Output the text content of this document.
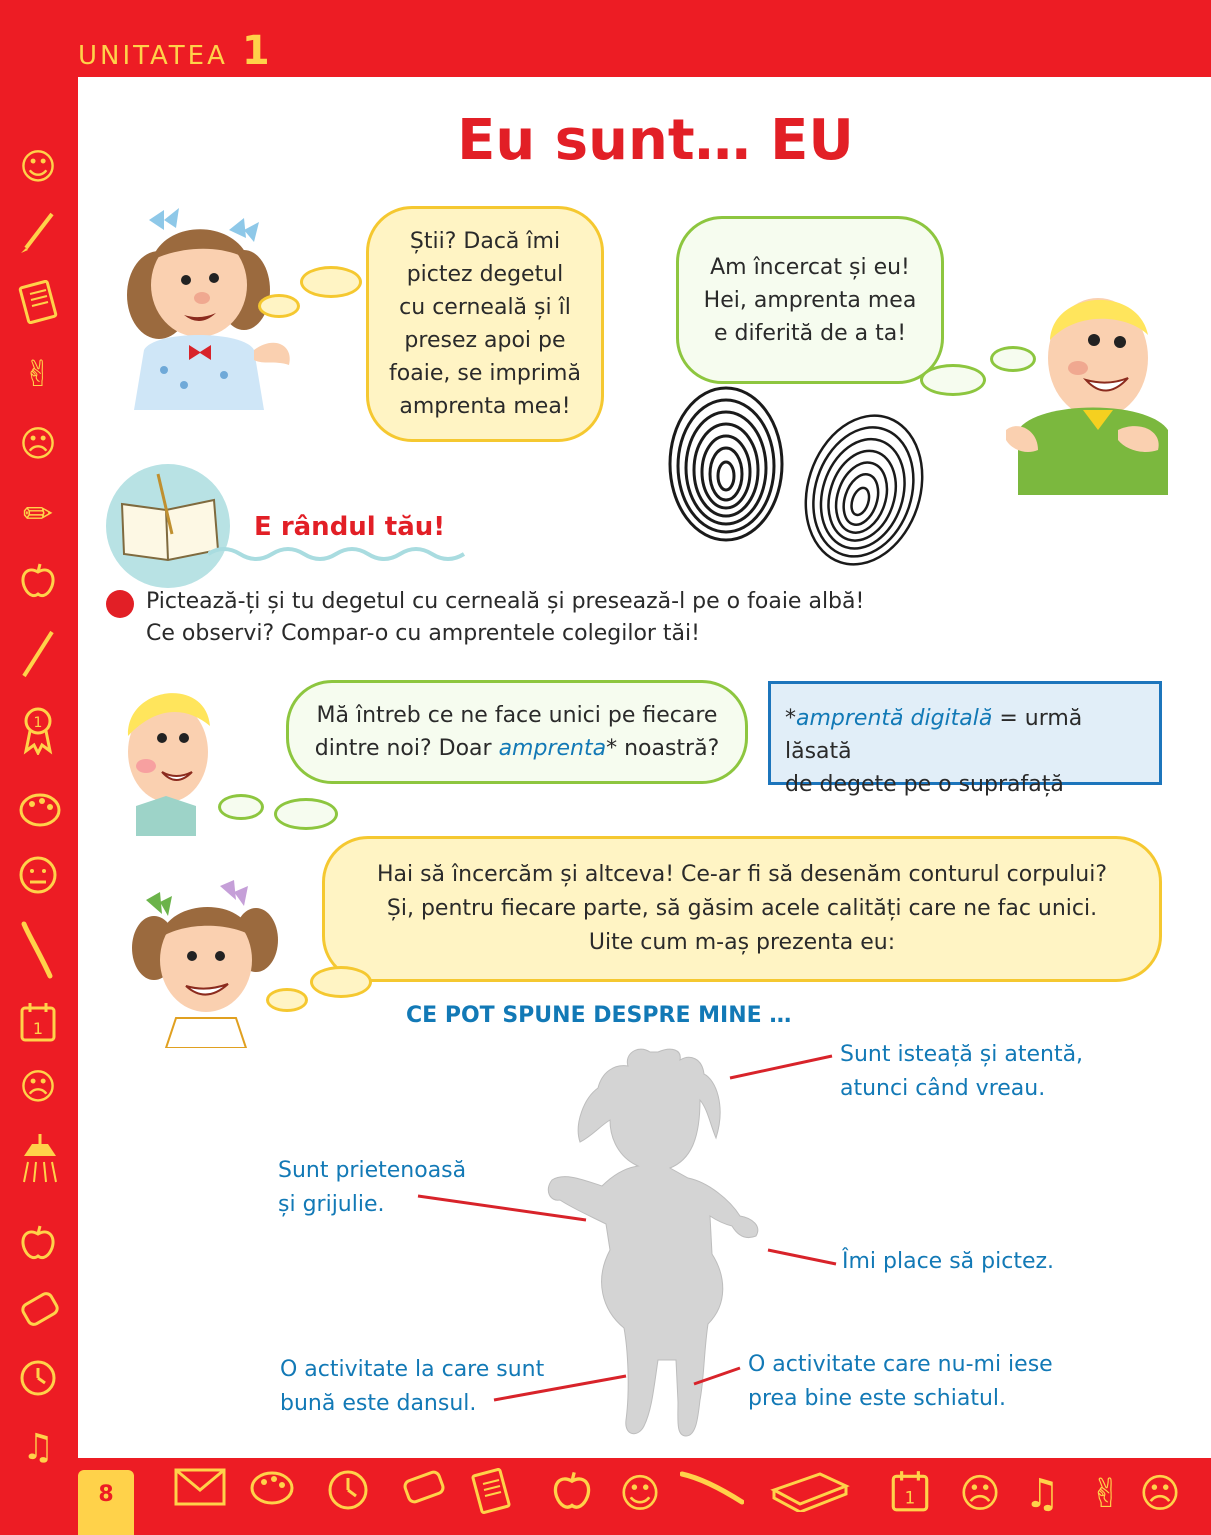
UNITATEA 1
☺
✌
☹
✏
1
1
☹
♫
☺	1 ☹ ♫ ✌ ☹
8
Eu sunt… EU
Știi? Dacă îmi
pictez degetul
cu cerneală și îl
presez apoi pe
foaie, se imprimă
amprenta mea!
Am încercat și eu!
Hei, amprenta mea
e diferită de a ta!
E rândul tău!
Pictează-ți și tu degetul cu cerneală și presează-l pe o foaie albă!
Ce observi? Compar-o cu amprentele colegilor tăi!
Mă întreb ce ne face unici pe fiecare
dintre noi? Doar amprenta* noastră?
*amprentă digitală = urmă lăsată
de degete pe o suprafață
Hai să încercăm și altceva! Ce-ar fi să desenăm conturul corpului?
Și, pentru fiecare parte, să găsim acele calități care ne fac unici.
Uite cum m-aș prezenta eu:
CE POT SPUNE DESPRE MINE …
Sunt isteață și atentă,
atunci când vreau.
Sunt prietenoasă
și grijulie.
Îmi place să pictez.
O activitate la care sunt
bună este dansul.
O activitate care nu-mi iese
prea bine este schiatul.
